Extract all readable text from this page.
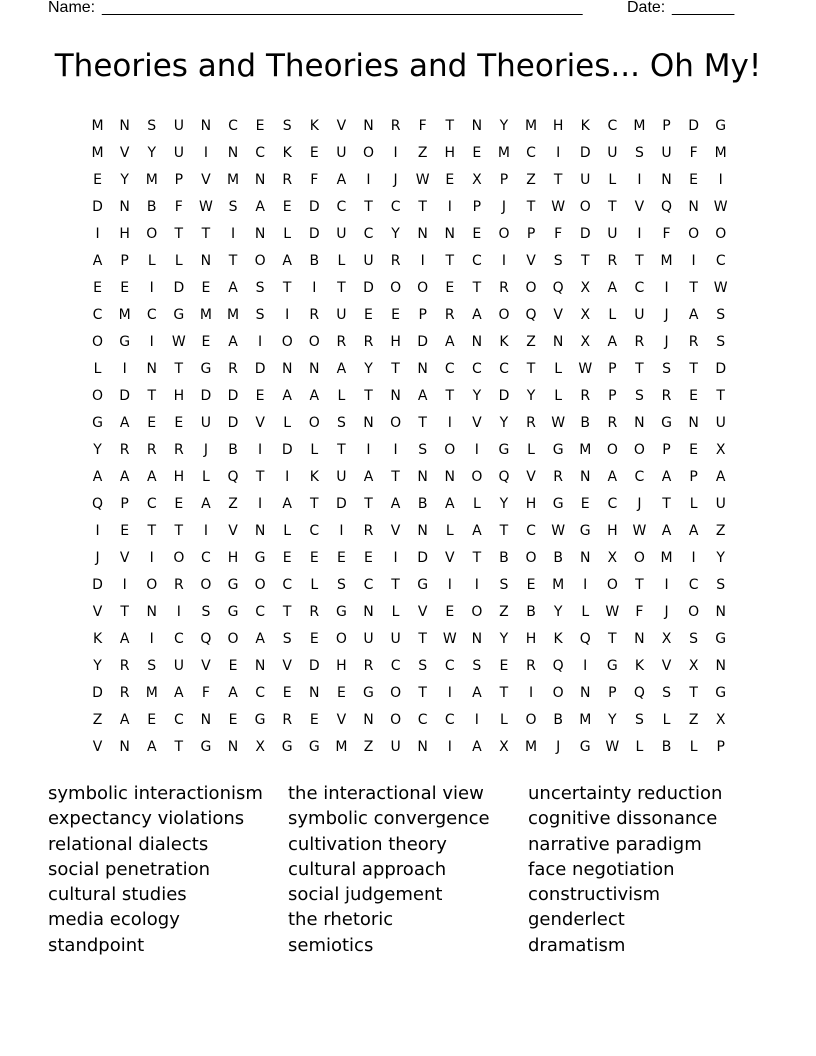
Name: ______________________________________________________	Date: _______
Theories and Theories and Theories... Oh My!
M	N	S	U	N	C	E	S	K	V	N	R	F	T	N	Y	M	H	K	C	M	P	D	G
M	V	Y	U	I	N	C	K	E	U	O	I	Z	H	E	M	C	I	D	U	S	U	F	M
E	Y	M	P	V	M	N	R	F	A	I	J	W	E	X	P	Z	T	U	L	I	N	E	I
D	N	B	F	W	S	A	E	D	C	T	C	T	I	P	J	T	W	O	T	V	Q	N	W
I	H	O	T	T	I	N	L	D	U	C	Y	N	N	E	O	P	F	D	U	I	F	O	O
A	P	L	L	N	T	O	A	B	L	U	R	I	T	C	I	V	S	T	R	T	M	I	C
E	E	I	D	E	A	S	T	I	T	D	O	O	E	T	R	O	Q	X	A	C	I	T	W
C	M	C	G	M	M	S	I	R	U	E	E	P	R	A	O	Q	V	X	L	U	J	A	S
O	G	I	W	E	A	I	O	O	R	R	H	D	A	N	K	Z	N	X	A	R	J	R	S
L	I	N	T	G	R	D	N	N	A	Y	T	N	C	C	C	T	L	W	P	T	S	T	D
O	D	T	H	D	D	E	A	A	L	T	N	A	T	Y	D	Y	L	R	P	S	R	E	T
G	A	E	E	U	D	V	L	O	S	N	O	T	I	V	Y	R	W	B	R	N	G	N	U
Y	R	R	R	J	B	I	D	L	T	I	I	S	O	I	G	L	G	M	O	O	P	E	X
A	A	A	H	L	Q	T	I	K	U	A	T	N	N	O	Q	V	R	N	A	C	A	P	A
Q	P	C	E	A	Z	I	A	T	D	T	A	B	A	L	Y	H	G	E	C	J	T	L	U
I	E	T	T	I	V	N	L	C	I	R	V	N	L	A	T	C	W	G	H	W	A	A	Z
J	V	I	O	C	H	G	E	E	E	E	I	D	V	T	B	O	B	N	X	O	M	I	Y
D	I	O	R	O	G	O	C	L	S	C	T	G	I	I	S	E	M	I	O	T	I	C	S
V	T	N	I	S	G	C	T	R	G	N	L	V	E	O	Z	B	Y	L	W	F	J	O	N
K	A	I	C	Q	O	A	S	E	O	U	U	T	W	N	Y	H	K	Q	T	N	X	S	G
Y	R	S	U	V	E	N	V	D	H	R	C	S	C	S	E	R	Q	I	G	K	V	X	N
D	R	M	A	F	A	C	E	N	E	G	O	T	I	A	T	I	O	N	P	Q	S	T	G
Z	A	E	C	N	E	G	R	E	V	N	O	C	C	I	L	O	B	M	Y	S	L	Z	X
V	N	A	T	G	N	X	G	G	M	Z	U	N	I	A	X	M	J	G	W	L	B	L	P
symbolic interactionism
expectancy violations
relational dialects
social penetration
cultural studies
media ecology
standpoint
the interactional view
symbolic convergence
cultivation theory
cultural approach
social judgement
the rhetoric
semiotics
uncertainty reduction
cognitive dissonance
narrative paradigm
face negotiation
constructivism
genderlect
dramatism
